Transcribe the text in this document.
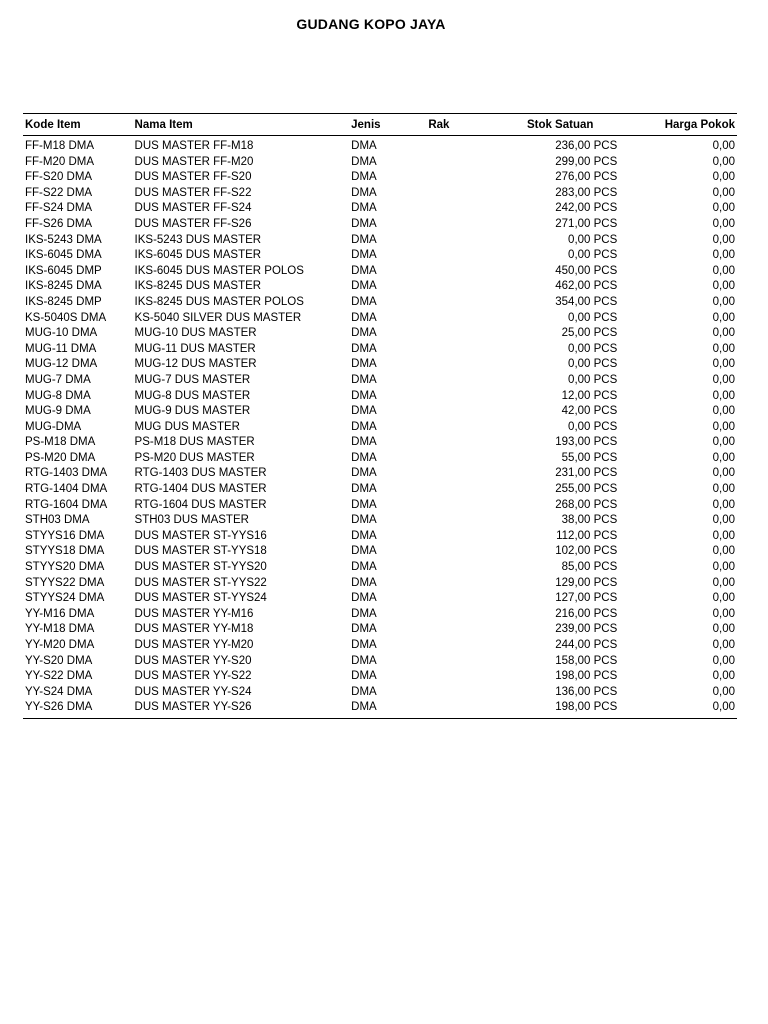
GUDANG KOPO JAYA
Kode Item	Nama Item	Jenis	Rak	Stok Satuan	Harga Pokok
FF-M18 DMA	DUS MASTER FF-M18	DMA		236,00 PCS	0,00
FF-M20 DMA	DUS MASTER FF-M20	DMA		299,00 PCS	0,00
FF-S20 DMA	DUS MASTER FF-S20	DMA		276,00 PCS	0,00
FF-S22 DMA	DUS MASTER FF-S22	DMA		283,00 PCS	0,00
FF-S24 DMA	DUS MASTER FF-S24	DMA		242,00 PCS	0,00
FF-S26 DMA	DUS MASTER FF-S26	DMA		271,00 PCS	0,00
IKS-5243 DMA	IKS-5243 DUS MASTER	DMA		0,00 PCS	0,00
IKS-6045 DMA	IKS-6045 DUS MASTER	DMA		0,00 PCS	0,00
IKS-6045 DMP	IKS-6045 DUS MASTER POLOS	DMA		450,00 PCS	0,00
IKS-8245 DMA	IKS-8245 DUS MASTER	DMA		462,00 PCS	0,00
IKS-8245 DMP	IKS-8245 DUS MASTER POLOS	DMA		354,00 PCS	0,00
KS-5040S DMA	KS-5040 SILVER DUS MASTER	DMA		0,00 PCS	0,00
MUG-10 DMA	MUG-10 DUS MASTER	DMA		25,00 PCS	0,00
MUG-11 DMA	MUG-11 DUS MASTER	DMA		0,00 PCS	0,00
MUG-12 DMA	MUG-12 DUS MASTER	DMA		0,00 PCS	0,00
MUG-7 DMA	MUG-7 DUS MASTER	DMA		0,00 PCS	0,00
MUG-8 DMA	MUG-8 DUS MASTER	DMA		12,00 PCS	0,00
MUG-9 DMA	MUG-9 DUS MASTER	DMA		42,00 PCS	0,00
MUG-DMA	MUG DUS MASTER	DMA		0,00 PCS	0,00
PS-M18 DMA	PS-M18 DUS MASTER	DMA		193,00 PCS	0,00
PS-M20 DMA	PS-M20 DUS MASTER	DMA		55,00 PCS	0,00
RTG-1403 DMA	RTG-1403 DUS MASTER	DMA		231,00 PCS	0,00
RTG-1404 DMA	RTG-1404 DUS MASTER	DMA		255,00 PCS	0,00
RTG-1604 DMA	RTG-1604 DUS MASTER	DMA		268,00 PCS	0,00
STH03 DMA	STH03 DUS MASTER	DMA		38,00 PCS	0,00
STYYS16 DMA	DUS MASTER ST-YYS16	DMA		112,00 PCS	0,00
STYYS18 DMA	DUS MASTER ST-YYS18	DMA		102,00 PCS	0,00
STYYS20 DMA	DUS MASTER ST-YYS20	DMA		85,00 PCS	0,00
STYYS22 DMA	DUS MASTER ST-YYS22	DMA		129,00 PCS	0,00
STYYS24 DMA	DUS MASTER ST-YYS24	DMA		127,00 PCS	0,00
YY-M16 DMA	DUS MASTER YY-M16	DMA		216,00 PCS	0,00
YY-M18 DMA	DUS MASTER YY-M18	DMA		239,00 PCS	0,00
YY-M20 DMA	DUS MASTER YY-M20	DMA		244,00 PCS	0,00
YY-S20 DMA	DUS MASTER YY-S20	DMA		158,00 PCS	0,00
YY-S22 DMA	DUS MASTER YY-S22	DMA		198,00 PCS	0,00
YY-S24 DMA	DUS MASTER YY-S24	DMA		136,00 PCS	0,00
YY-S26 DMA	DUS MASTER YY-S26	DMA		198,00 PCS	0,00
